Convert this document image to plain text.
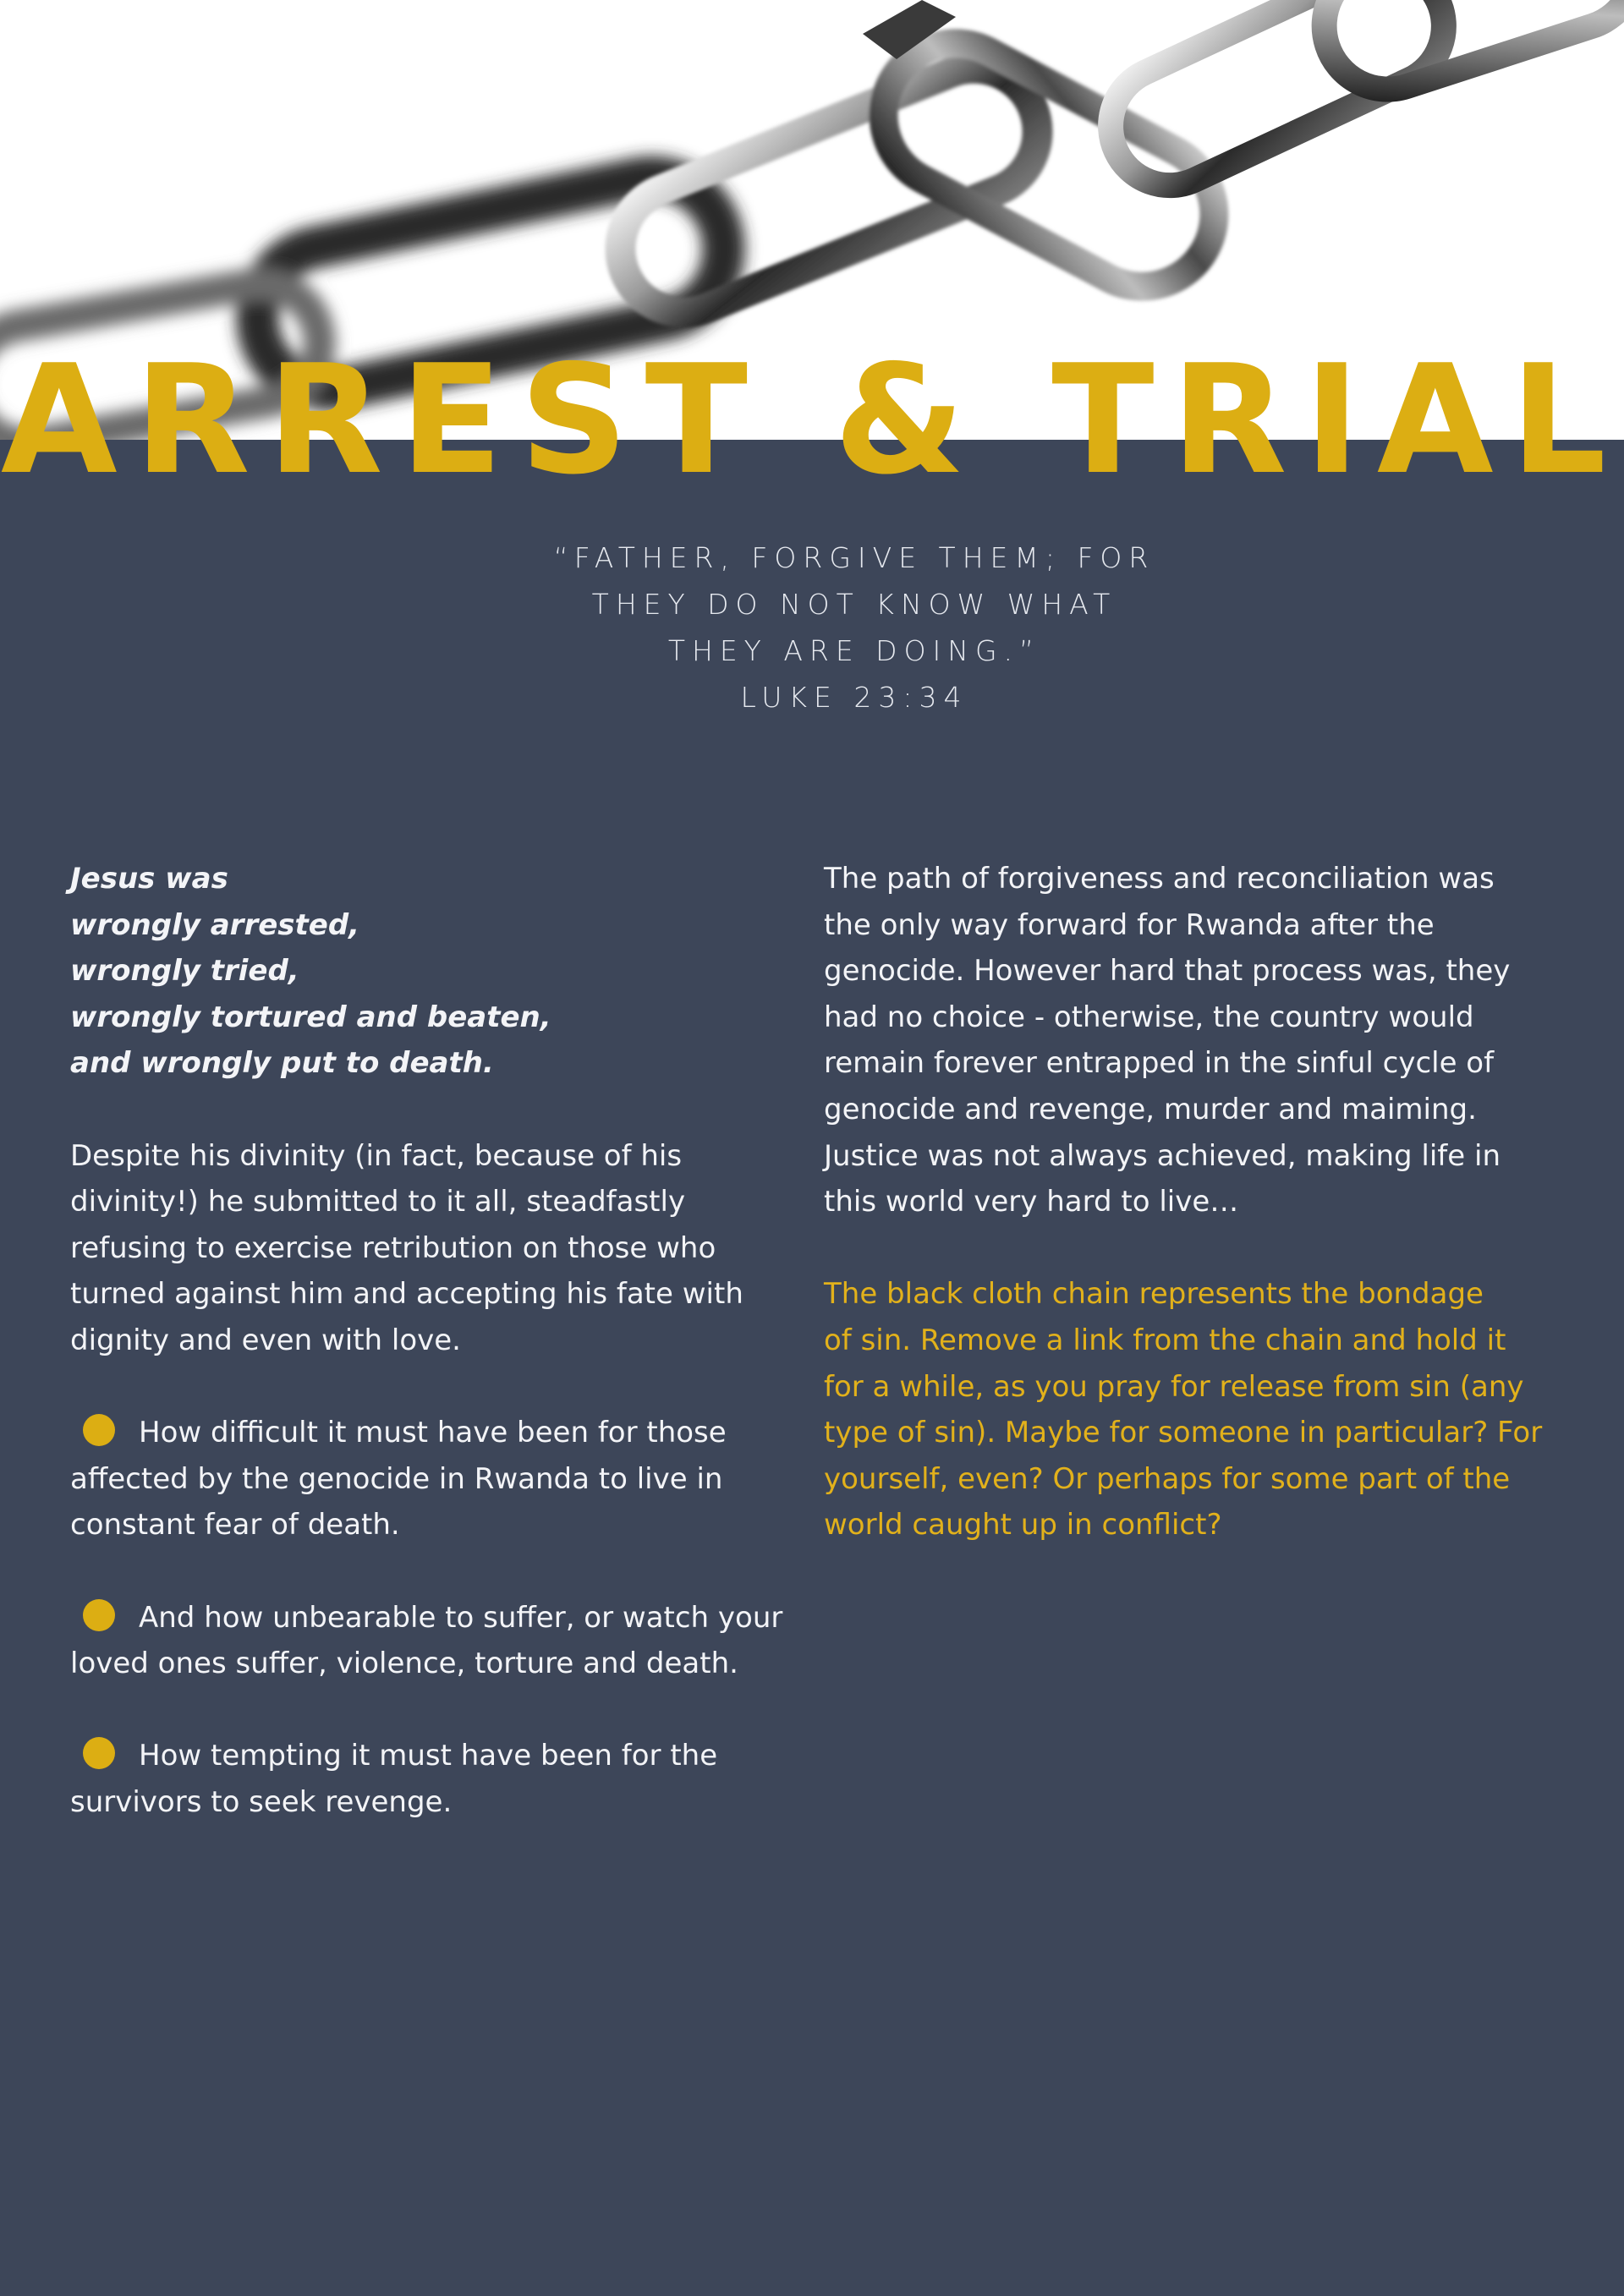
ARREST & TRIAL
“FATHER, FORGIVE THEM; FOR
THEY DO NOT KNOW WHAT
THEY ARE DOING.”
LUKE 23:34
Jesus was
wrongly arrested,
wrongly tried,
wrongly tortured and beaten,
and wrongly put to death.
Despite his divinity (in fact, because of his
divinity!) he submitted to it all, steadfastly
refusing to exercise retribution on those who
turned against him and accepting his fate with
dignity and even with love.
How difficult it must have been for those
affected by the genocide in Rwanda to live in
constant fear of death.
And how unbearable to suffer, or watch your
loved ones suffer, violence, torture and death.
How tempting it must have been for the
survivors to seek revenge.
The path of forgiveness and reconciliation was
the only way forward for Rwanda after the
genocide. However hard that process was, they
had no choice - otherwise, the country would
remain forever entrapped in the sinful cycle of
genocide and revenge, murder and maiming.
Justice was not always achieved, making life in
this world very hard to live…
The black cloth chain represents the bondage
of sin. Remove a link from the chain and hold it
for a while, as you pray for release from sin (any
type of sin). Maybe for someone in particular? For
yourself, even? Or perhaps for some part of the
world caught up in conflict?
